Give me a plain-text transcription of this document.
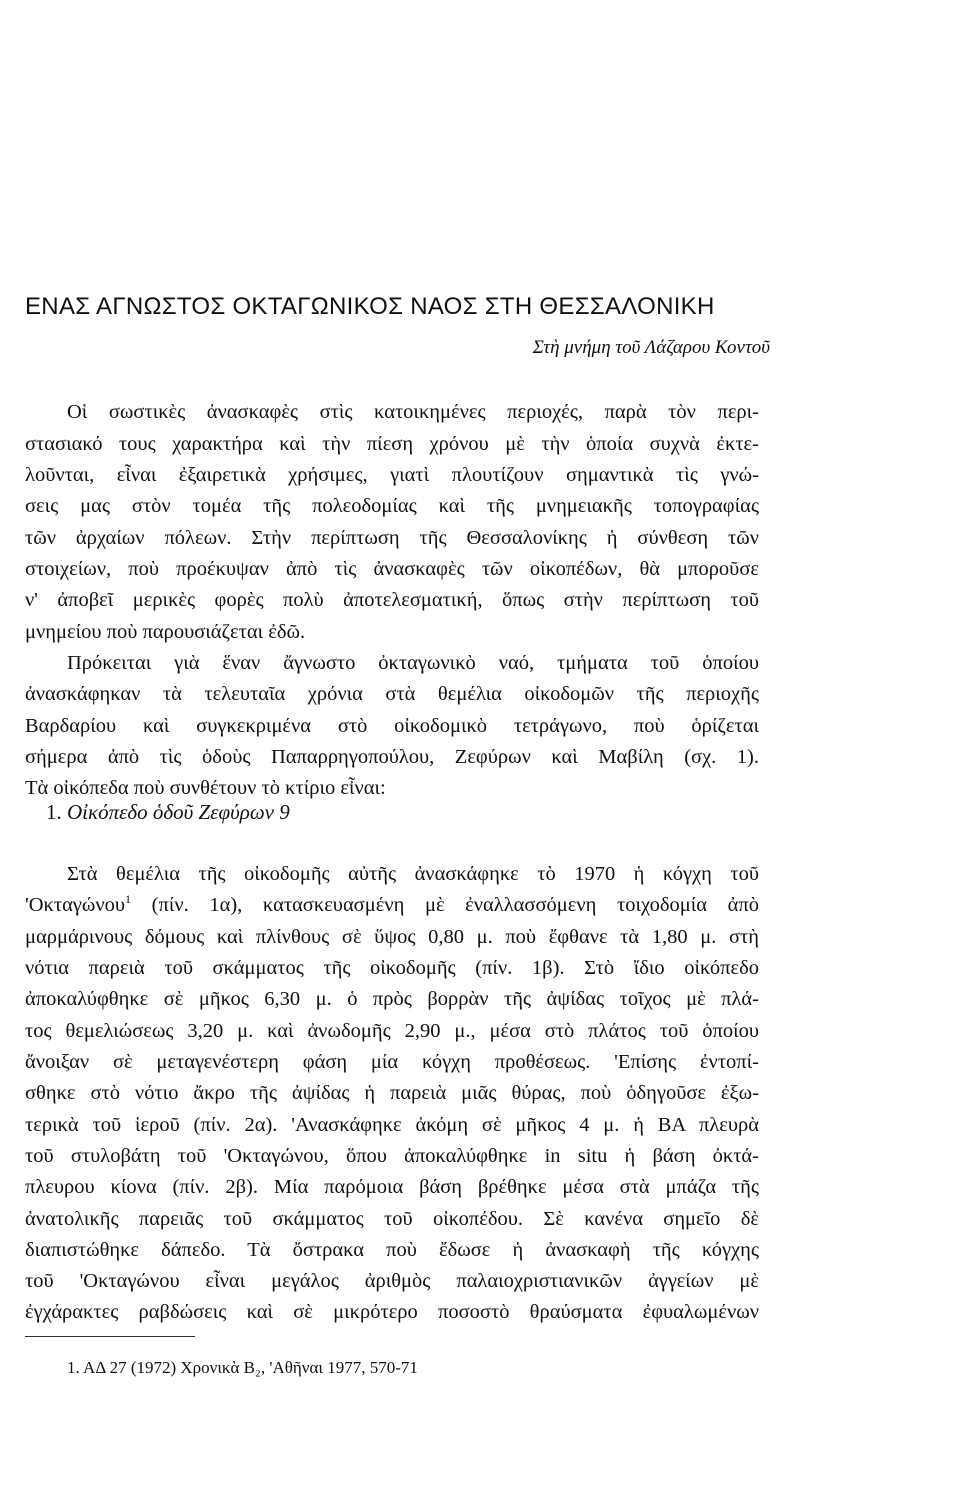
ΕΝΑΣ ΑΓΝΩΣΤΟΣ ΟΚΤΑΓΩΝΙΚΟΣ ΝΑΟΣ ΣΤΗ ΘΕΣΣΑΛΟΝΙΚΗ
Στὴ μνήμη τοῦ Λάζαρου Κοντοῦ
Οἱ σωστικὲς ἀνασκαφὲς στὶς κατοικημένες περιοχές, παρὰ τὸν περι-
στασιακό τους χαρακτήρα καὶ τὴν πίεση χρόνου μὲ τὴν ὁποία συχνὰ ἐκτε-
λοῦνται, εἶναι ἐξαιρετικὰ χρήσιμες, γιατὶ πλουτίζουν σημαντικὰ τὶς γνώ-
σεις μας στὸν τομέα τῆς πολεοδομίας καὶ τῆς μνημειακῆς τοπογραφίας
τῶν ἀρχαίων πόλεων. Στὴν περίπτωση τῆς Θεσσαλονίκης ἡ σύνθεση τῶν
στοιχείων, ποὺ προέκυψαν ἀπὸ τὶς ἀνασκαφὲς τῶν οἰκοπέδων, θὰ μποροῦσε
ν' ἀποβεῖ μερικὲς φορὲς πολὺ ἀποτελεσματική, ὅπως στὴν περίπτωση τοῦ
μνημείου ποὺ παρουσιάζεται ἐδῶ.
Πρόκειται γιὰ ἕναν ἄγνωστο ὀκταγωνικὸ ναό, τμήματα τοῦ ὁποίου
ἀνασκάφηκαν τὰ τελευταῖα χρόνια στὰ θεμέλια οἰκοδομῶν τῆς περιοχῆς
Βαρδαρίου καὶ συγκεκριμένα στὸ οἰκοδομικὸ τετράγωνο, ποὺ ὁρίζεται
σήμερα ἀπὸ τὶς ὁδοὺς Παπαρρηγοπούλου, Ζεφύρων καὶ Μαβίλη (σχ. 1).
Τὰ οἰκόπεδα ποὺ συνθέτουν τὸ κτίριο εἶναι:
1. Οἰκόπεδο ὁδοῦ Ζεφύρων 9
Στὰ θεμέλια τῆς οἰκοδομῆς αὐτῆς ἀνασκάφηκε τὸ 1970 ἡ κόγχη τοῦ
'Οκταγώνου$^1$ (πίν. 1α), κατασκευασμένη μὲ ἐναλλασσόμενη τοιχοδομία ἀπὸ
μαρμάρινους δόμους καὶ πλίνθους σὲ ὕψος 0,80 μ. ποὺ ἔφθανε τὰ 1,80 μ. στὴ
νότια παρειὰ τοῦ σκάμματος τῆς οἰκοδομῆς (πίν. 1β). Στὸ ἴδιο οἰκόπεδο
ἀποκαλύφθηκε σὲ μῆκος 6,30 μ. ὁ πρὸς βορρὰν τῆς ἀψίδας τοῖχος μὲ πλά-
τος θεμελιώσεως 3,20 μ. καὶ ἀνωδομῆς 2,90 μ., μέσα στὸ πλάτος τοῦ ὁποίου
ἄνοιξαν σὲ μεταγενέστερη φάση μία κόγχη προθέσεως. 'Επίσης ἐντοπί-
σθηκε στὸ νότιο ἄκρο τῆς ἀψίδας ἡ παρειὰ μιᾶς θύρας, ποὺ ὁδηγοῦσε ἐξω-
τερικὰ τοῦ ἱεροῦ (πίν. 2α). 'Ανασκάφηκε ἀκόμη σὲ μῆκος 4 μ. ἡ ΒΑ πλευρὰ
τοῦ στυλοβάτη τοῦ 'Οκταγώνου, ὅπου ἀποκαλύφθηκε in situ ἡ βάση ὀκτά-
πλευρου κίονα (πίν. 2β). Μία παρόμοια βάση βρέθηκε μέσα στὰ μπάζα τῆς
ἀνατολικῆς παρειᾶς τοῦ σκάμματος τοῦ οἰκοπέδου. Σὲ κανένα σημεῖο δὲ
διαπιστώθηκε δάπεδο. Τὰ ὄστρακα ποὺ ἔδωσε ἡ ἀνασκαφὴ τῆς κόγχης
τοῦ 'Οκταγώνου εἶναι μεγάλος ἀριθμὸς παλαιοχριστιανικῶν ἀγγείων μὲ
ἐγχάρακτες ραβδώσεις καὶ σὲ μικρότερο ποσοστὸ θραύσματα ἐφυαλωμένων
1. ΑΔ 27 (1972) Χρονικὰ Β₂, 'Αθῆναι 1977, 570-71
